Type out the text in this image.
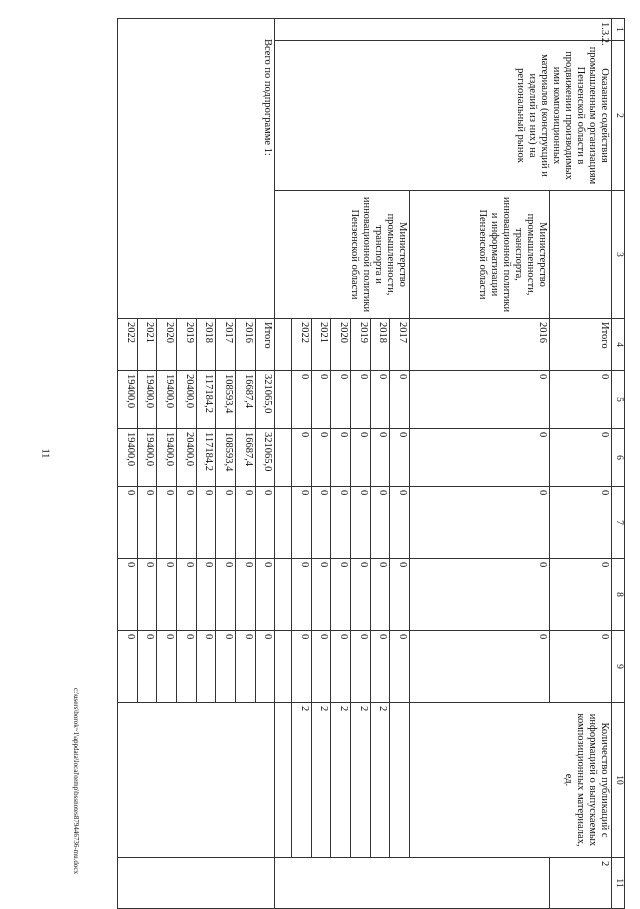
11
1	2	3	4	5	6	7	8	9	10	11
1.3.2.	Оказание содействия промышленным организациям Пензенской области в продвижении производимых ими композиционных материалов (конструкций и изделий из них) на региональный рынок		Итого	0	0	0	0	0	Количество публикаций с информацией о выпускаемых композиционных материалах, ед.	2
		Министерство промышленности, транспорта, инновационной политики и информатизации Пензенской области	2016	0	0	0	0	0		
		Министерство промышленности, транспорта и инновационной политики Пензенской области	2017	0	0	0	0	0		
			2018	0	0	0	0	0	2	
			2019	0	0	0	0	0	2	
			2020	0	0	0	0	0	2	
			2021	0	0	0	0	0	2	
			2022	0	0	0	0	0	2	

Всего по подпрограмме 1:			Итого	321065,0	321065,0	0	0	0		
			2016	16687,4	16687,4	0	0	0		
			2017	108593,4	108593,4	0	0	0		
			2018	117184,2	117184,2	0	0	0		
			2019	20400,0	20400,0	0	0	0		
			2020	19400,0	19400,0	0	0	0		
			2021	19400,0	19400,0	0	0	0		
			2022	19400,0	19400,0	0	0	0		
c:\users\borok~1\appdata\local\temp\bssnotes879446736-mu.docx
